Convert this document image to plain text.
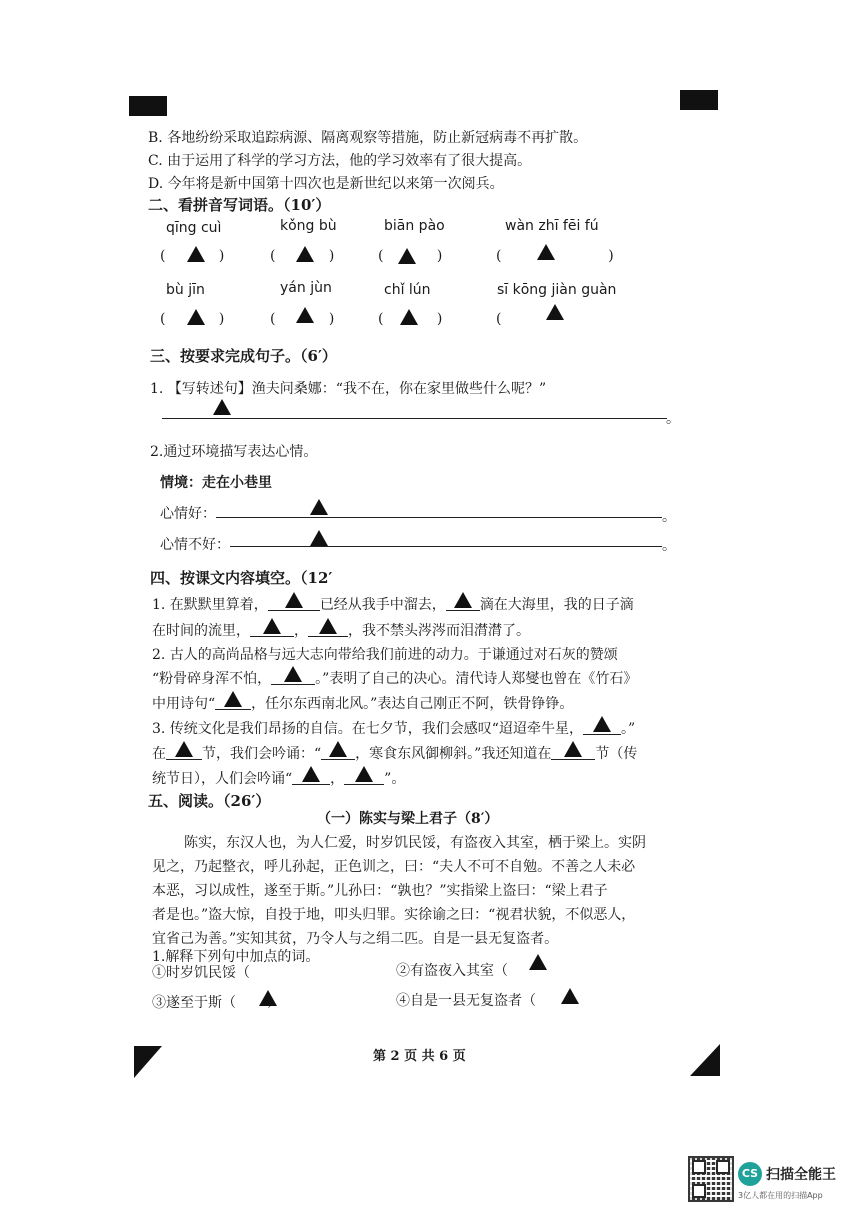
B. 各地纷纷采取追踪病源、隔离观察等措施，防止新冠病毒不再扩散。
C. 由于运用了科学的学习方法，他的学习效率有了很大提高。
D. 今年将是新中国第十四次也是新世纪以来第一次阅兵。
二、看拼音写词语。（10′）
qīng cuì	kǒng bù	biān pào	wàn zhī fēi fú
(            )	(            )	(            )	(                        )
bù jīn	yán jùn	chǐ lún	sī kōng jiàn guàn
(            )	(            )	(            )	(
三、按要求完成句子。（6′）
1. 【写转述句】渔夫问桑娜：“我不在，你在家里做些什么呢？”
。
2.通过环境描写表达心情。
情境：走在小巷里
心情好：	。
心情不好：	。
四、按课文内容填空。（12′
1. 在默默里算着，	已经从我手中溜去， 滴在大海里，我的日子滴
在时间的流里，	，	，我不禁头涔涔而泪潸潸了。
2. 古人的高尚品格与远大志向带给我们前进的动力。于谦通过对石灰的赞颂
“粉骨碎身浑不怕，	。”表明了自己的决心。清代诗人郑燮也曾在《竹石》
中用诗句“	，任尔东西南北风。”表达自己刚正不阿，铁骨铮铮。
3. 传统文化是我们昂扬的自信。在七夕节，我们会感叹“迢迢牵牛星，	。”
在	节，我们会吟诵：“ ，寒食东风御柳斜。”我还知道在	节（传
统节日），人们会吟诵“	，	”。
五、阅读。（26′）
（一）陈实与梁上君子（8′）
陈实，东汉人也，为人仁爱，时岁饥民馁，有盗夜入其室，栖于梁上。实阴
见之，乃起整衣，呼儿孙起，正色训之，曰：“夫人不可不自勉。不善之人未必
本恶，习以成性，遂至于斯。”儿孙曰：“孰也？”实指梁上盗曰：“梁上君子
者是也。”盗大惊，自投于地，叩头归罪。实徐谕之曰：“视君状貌，不似恶人，
宜省己为善。”实知其贫，乃令人与之绢二匹。自是一县无复盗者。
1.解释下列句中加点的词。
①时岁饥民馁（	②有盗夜入其室（
③遂至于斯（ ）	④自是一县无复盗者（
第 2 页 共 6 页
CS 扫描全能王
3亿人都在用的扫描App
